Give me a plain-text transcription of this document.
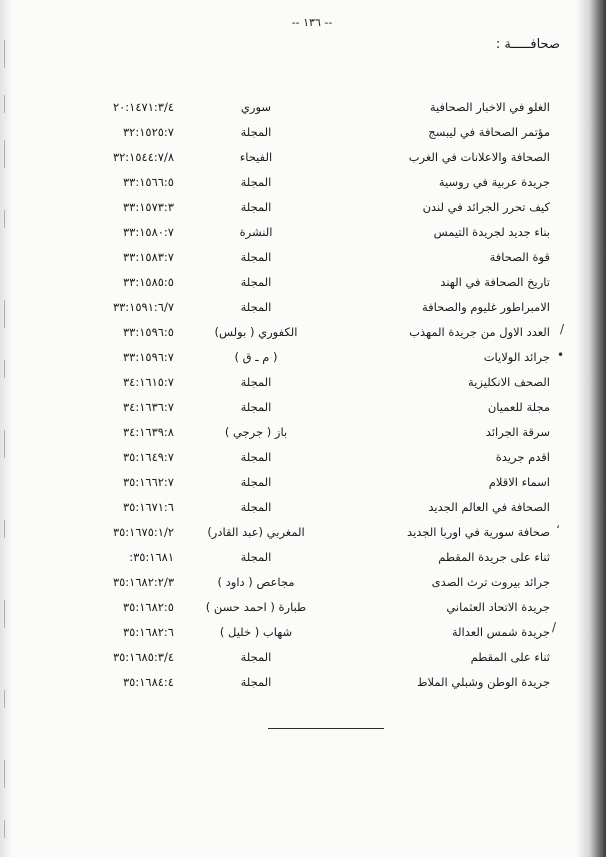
-- ١٣٦ --
صحافـــــة :
الغلو في الاخبار الصحافية
سوري
٢٠:١٤٧١:٣/٤
مؤتمر الصحافة في ليبسج
المجلة
٣٢:١٥٢٥:٧
الصحافة والاعلانات في الغرب
الفيحاء
٣٢:١٥٤٤:٧/٨
جريدة عربية في روسية
المجلة
٣٣:١٥٦٦:٥
كيف تحرر الجرائد في لندن
المجلة
٣٣:١٥٧٣:٣
بناء جديد لجريدة التيمس
النشرة
٣٣:١٥٨٠:٧
قوة الصحافة
المجلة
٣٣:١٥٨٣:٧
تاريخ الصحافة في الهند
المجلة
٣٣:١٥٨٥:٥
الامبراطور غليوم والصحافة
المجلة
٣٣:١٥٩١:٦/٧
العدد الاول من جريدة المهذب
الكفوري ( بولس)
٣٣:١٥٩٦:٥
جرائد الولايات
( م ـ ق )
٣٣:١٥٩٦:٧
الصحف الانكليزية
المجلة
٣٤:١٦١٥:٧
مجلة للعميان
المجلة
٣٤:١٦٣٦:٧
سرقة الجرائد
باز ( جرجي )
٣٤:١٦٣٩:٨
اقدم جريدة
المجلة
٣٥:١٦٤٩:٧
اسماء الاقلام
المجلة
٣٥:١٦٦٢:٧
الصحافة في العالم الجديد
المجلة
٣٥:١٦٧١:٦
صحافة سورية في اوربا الجديد
المغربي (عبد القادر)
٣٥:١٦٧٥:١/٢
ثناء على جريدة المقطم
المجلة
٣٥:١٦٨١:
جرائد بيروت ترث الصدى
مجاعص ( داود )
٣٥:١٦٨٢:٢/٣
جريدة الاتحاد العثماني
طبارة ( احمد حسن )
٣٥:١٦٨٢:٥
جريدة شمس العدالة
شهاب ( خليل )
٣٥:١٦٨٢:٦
ثناء على المقطم
المجلة
٣٥:١٦٨٥:٣/٤
جريدة الوطن وشبلي الملاط
المجلة
٣٥:١٦٨٤:٤
/
•
،
/
